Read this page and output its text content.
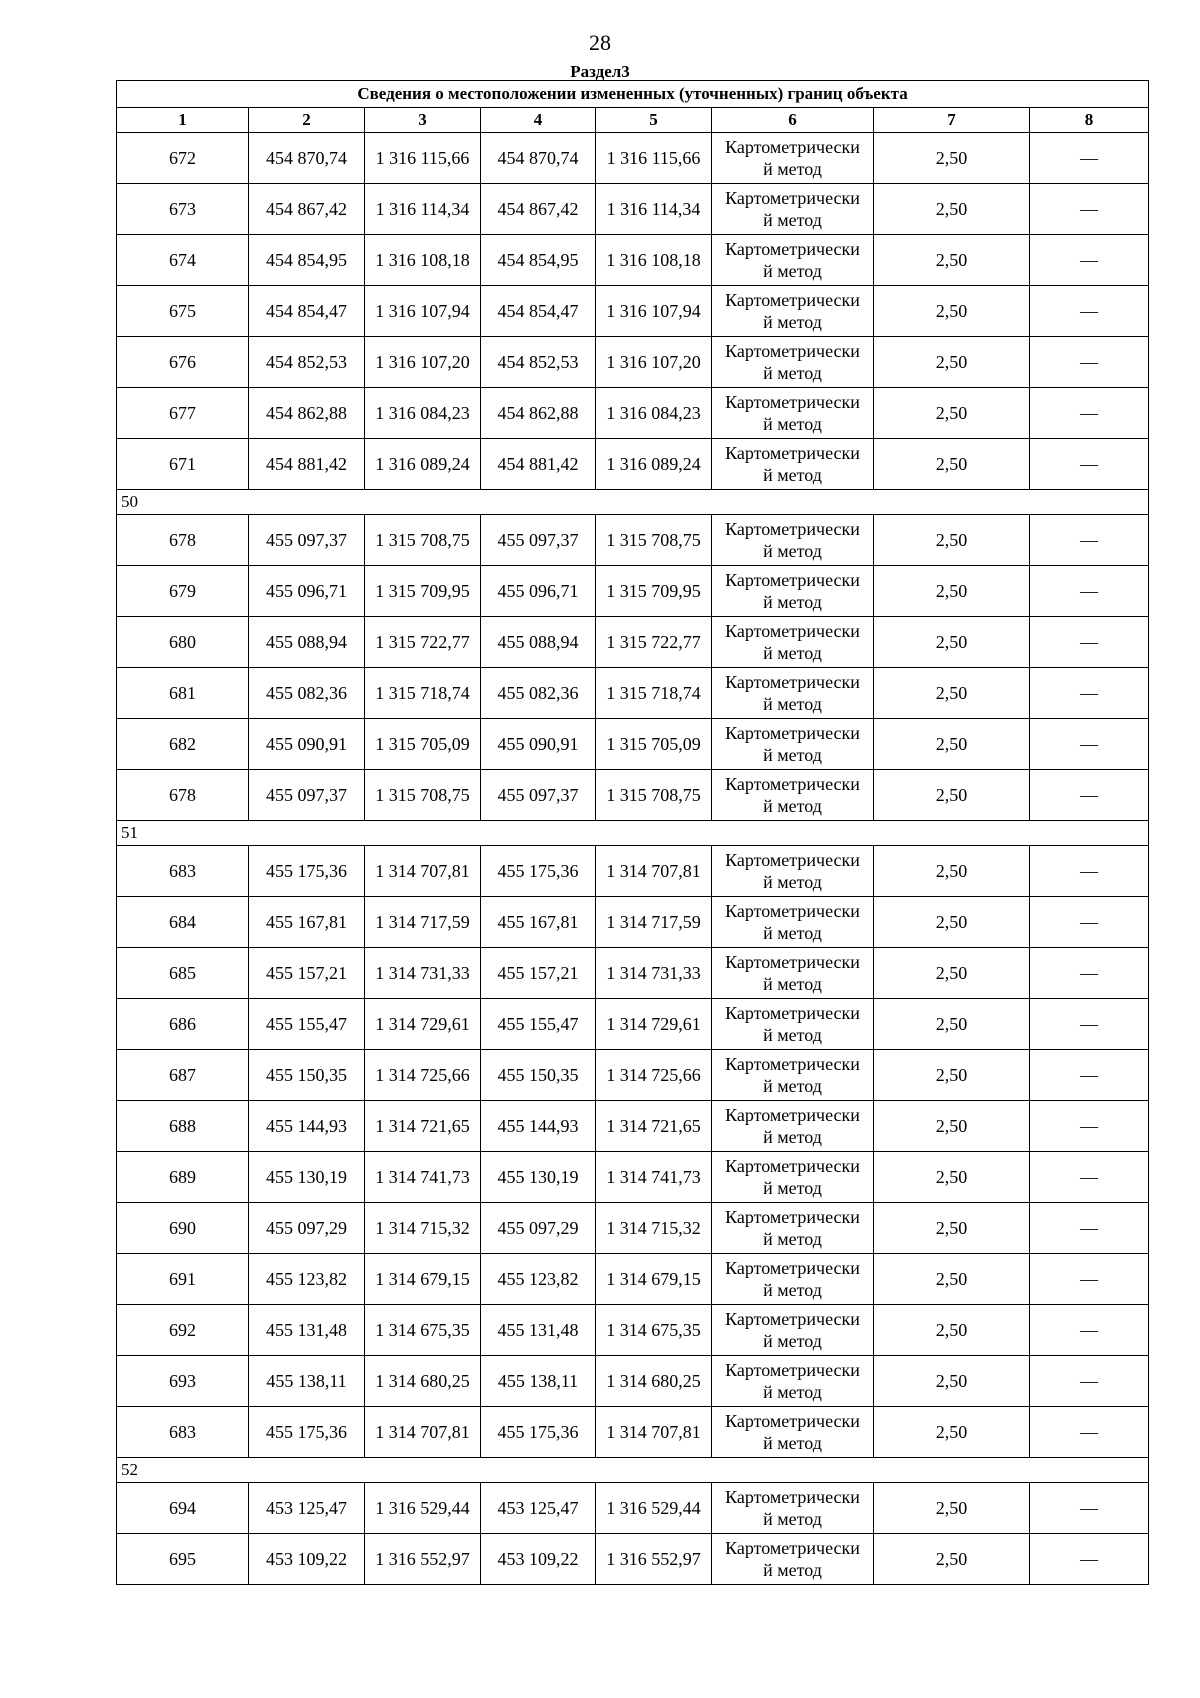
28
Раздел3
Сведения о местоположении измененных (уточненных) границ объекта							
1	2	3	4	5	6	7	8
672	454 870,74	1 316 115,66	454 870,74	1 316 115,66	Картометрически
й метод	2,50	—
673	454 867,42	1 316 114,34	454 867,42	1 316 114,34	Картометрически
й метод	2,50	—
674	454 854,95	1 316 108,18	454 854,95	1 316 108,18	Картометрически
й метод	2,50	—
675	454 854,47	1 316 107,94	454 854,47	1 316 107,94	Картометрически
й метод	2,50	—
676	454 852,53	1 316 107,20	454 852,53	1 316 107,20	Картометрически
й метод	2,50	—
677	454 862,88	1 316 084,23	454 862,88	1 316 084,23	Картометрически
й метод	2,50	—
671	454 881,42	1 316 089,24	454 881,42	1 316 089,24	Картометрически
й метод	2,50	—
50							
678	455 097,37	1 315 708,75	455 097,37	1 315 708,75	Картометрически
й метод	2,50	—
679	455 096,71	1 315 709,95	455 096,71	1 315 709,95	Картометрически
й метод	2,50	—
680	455 088,94	1 315 722,77	455 088,94	1 315 722,77	Картометрически
й метод	2,50	—
681	455 082,36	1 315 718,74	455 082,36	1 315 718,74	Картометрически
й метод	2,50	—
682	455 090,91	1 315 705,09	455 090,91	1 315 705,09	Картометрически
й метод	2,50	—
678	455 097,37	1 315 708,75	455 097,37	1 315 708,75	Картометрически
й метод	2,50	—
51							
683	455 175,36	1 314 707,81	455 175,36	1 314 707,81	Картометрически
й метод	2,50	—
684	455 167,81	1 314 717,59	455 167,81	1 314 717,59	Картометрически
й метод	2,50	—
685	455 157,21	1 314 731,33	455 157,21	1 314 731,33	Картометрически
й метод	2,50	—
686	455 155,47	1 314 729,61	455 155,47	1 314 729,61	Картометрически
й метод	2,50	—
687	455 150,35	1 314 725,66	455 150,35	1 314 725,66	Картометрически
й метод	2,50	—
688	455 144,93	1 314 721,65	455 144,93	1 314 721,65	Картометрически
й метод	2,50	—
689	455 130,19	1 314 741,73	455 130,19	1 314 741,73	Картометрически
й метод	2,50	—
690	455 097,29	1 314 715,32	455 097,29	1 314 715,32	Картометрически
й метод	2,50	—
691	455 123,82	1 314 679,15	455 123,82	1 314 679,15	Картометрически
й метод	2,50	—
692	455 131,48	1 314 675,35	455 131,48	1 314 675,35	Картометрически
й метод	2,50	—
693	455 138,11	1 314 680,25	455 138,11	1 314 680,25	Картометрически
й метод	2,50	—
683	455 175,36	1 314 707,81	455 175,36	1 314 707,81	Картометрически
й метод	2,50	—
52							
694	453 125,47	1 316 529,44	453 125,47	1 316 529,44	Картометрически
й метод	2,50	—
695	453 109,22	1 316 552,97	453 109,22	1 316 552,97	Картометрически
й метод	2,50	—
